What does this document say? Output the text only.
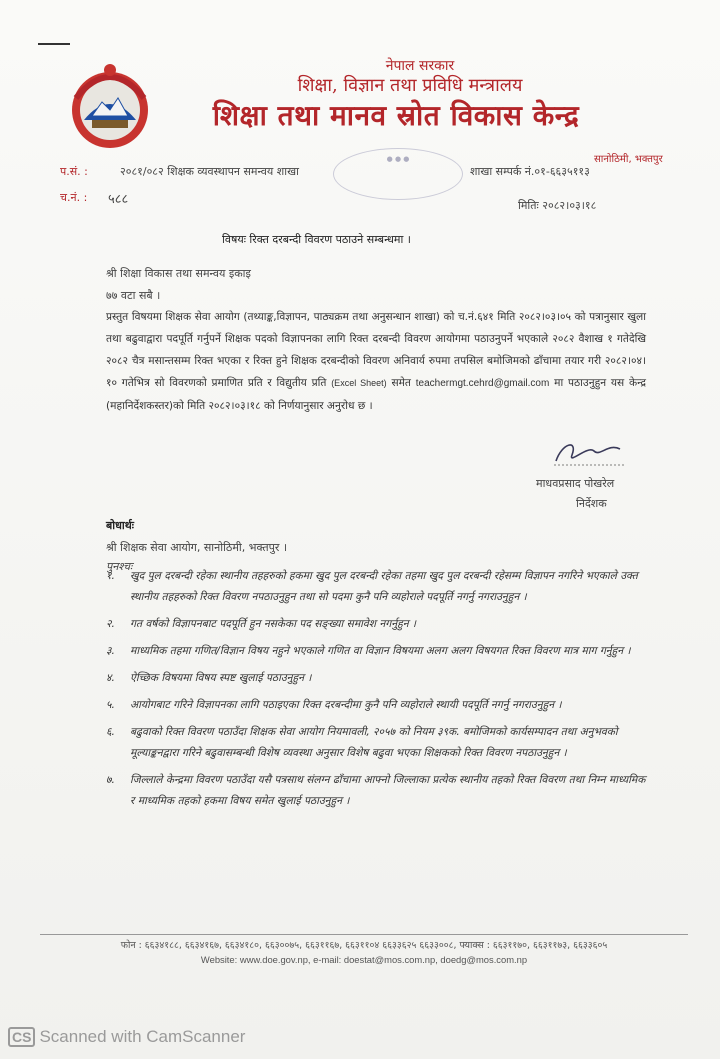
नेपाल सरकार
शिक्षा, विज्ञान तथा प्रविधि मन्त्रालय
शिक्षा तथा मानव स्रोत विकास केन्द्र
सानोठिमी, भक्तपुर
प.सं. :	२०८१/०८२ शिक्षक व्यवस्थापन समन्वय शाखा
● ● ●
शाखा सम्पर्क नं.०१-६६३५११३
च.नं. : ५८८	मितिः २०८२।०३।१८
विषयः रिक्त दरबन्दी विवरण पठाउने सम्बन्धमा ।
श्री शिक्षा विकास तथा समन्वय इकाइ
७७ वटा सबै ।
प्रस्तुत विषयमा शिक्षक सेवा आयोग (तथ्याङ्क,विज्ञापन, पाठ्यक्रम तथा अनुसन्धान शाखा) को च.नं.६४१ मिति २०८२।०३।०५ को पत्रानुसार खुला तथा बढुवाद्वारा पदपूर्ति गर्नुपर्ने शिक्षक पदको विज्ञापनका लागि रिक्त दरबन्दी विवरण आयोगमा पठाउनुपर्ने भएकाले २०८२ वैशाख १ गतेदेखि २०८२ चैत्र मसान्तसम्म रिक्त भएका र रिक्त हुने शिक्षक दरबन्दीको विवरण अनिवार्य रुपमा तपसिल बमोजिमको ढाँचामा तयार गरी २०८२।०४।१० गतेभित्र सो विवरणको प्रमाणित प्रति र विद्युतीय प्रति (Excel Sheet) समेत teachermgt.cehrd@gmail.com मा पठाउनुहुन यस केन्द्र (महानिर्देशकस्तर)को मिति २०८२।०३।१८ को निर्णयानुसार अनुरोध छ ।
माधवप्रसाद पोखरेल
निर्देशक
बोधार्थः
श्री शिक्षक सेवा आयोग, सानोठिमी, भक्तपुर ।
पुनश्चः
१. खुद पुल दरबन्दी रहेका स्थानीय तहहरुको हकमा खुद पुल दरबन्दी रहेका तहमा खुद पुल दरबन्दी रहेसम्म विज्ञापन नगरिने भएकाले उक्त स्थानीय तहहरुको रिक्त विवरण नपठाउनुहुन तथा सो पदमा कुनै पनि व्यहोराले पदपूर्ति नगर्नु नगराउनुहुन ।
२. गत वर्षको विज्ञापनबाट पदपूर्ति हुन नसकेका पद सङ्ख्या समावेश नगर्नुहुन ।
३. माध्यमिक तहमा गणित/विज्ञान विषय नहुने भएकाले गणित वा विज्ञान विषयमा अलग अलग विषयगत रिक्त विवरण मात्र माग गर्नुहुन ।
४. ऐच्छिक विषयमा विषय स्पष्ट खुलाई पठाउनुहुन ।
५. आयोगबाट गरिने विज्ञापनका लागि पठाइएका रिक्त दरबन्दीमा कुनै पनि व्यहोराले स्थायी पदपूर्ति नगर्नु नगराउनुहुन ।
६. बढुवाको रिक्त विवरण पठाउँदा शिक्षक सेवा आयोग नियमावली, २०५७ को नियम ३९क. बमोजिमको कार्यसम्पादन तथा अनुभवको मूल्याङ्कनद्वारा गरिने बढुवासम्बन्धी विशेष व्यवस्था अनुसार विशेष बढुवा भएका शिक्षकको रिक्त विवरण नपठाउनुहुन ।
७. जिल्लाले केन्द्रमा विवरण पठाउँदा यसै पत्रसाथ संलग्न ढाँचामा आफ्नो जिल्लाका प्रत्येक स्थानीय तहको रिक्त विवरण तथा निम्न माध्यमिक र माध्यमिक तहको हकमा विषय समेत खुलाई पठाउनुहुन ।
फोन : ६६३४१८८, ६६३४१६७, ६६३४१८०, ६६३००७५, ६६३११६७, ६६३११०४ ६६३३६२५ ६६३३००८, फ्याक्स : ६६३११७०, ६६३११७३, ६६३३६०५
Website: www.doe.gov.np, e-mail: doestat@mos.com.np, doedg@mos.com.np
CS Scanned with CamScanner
